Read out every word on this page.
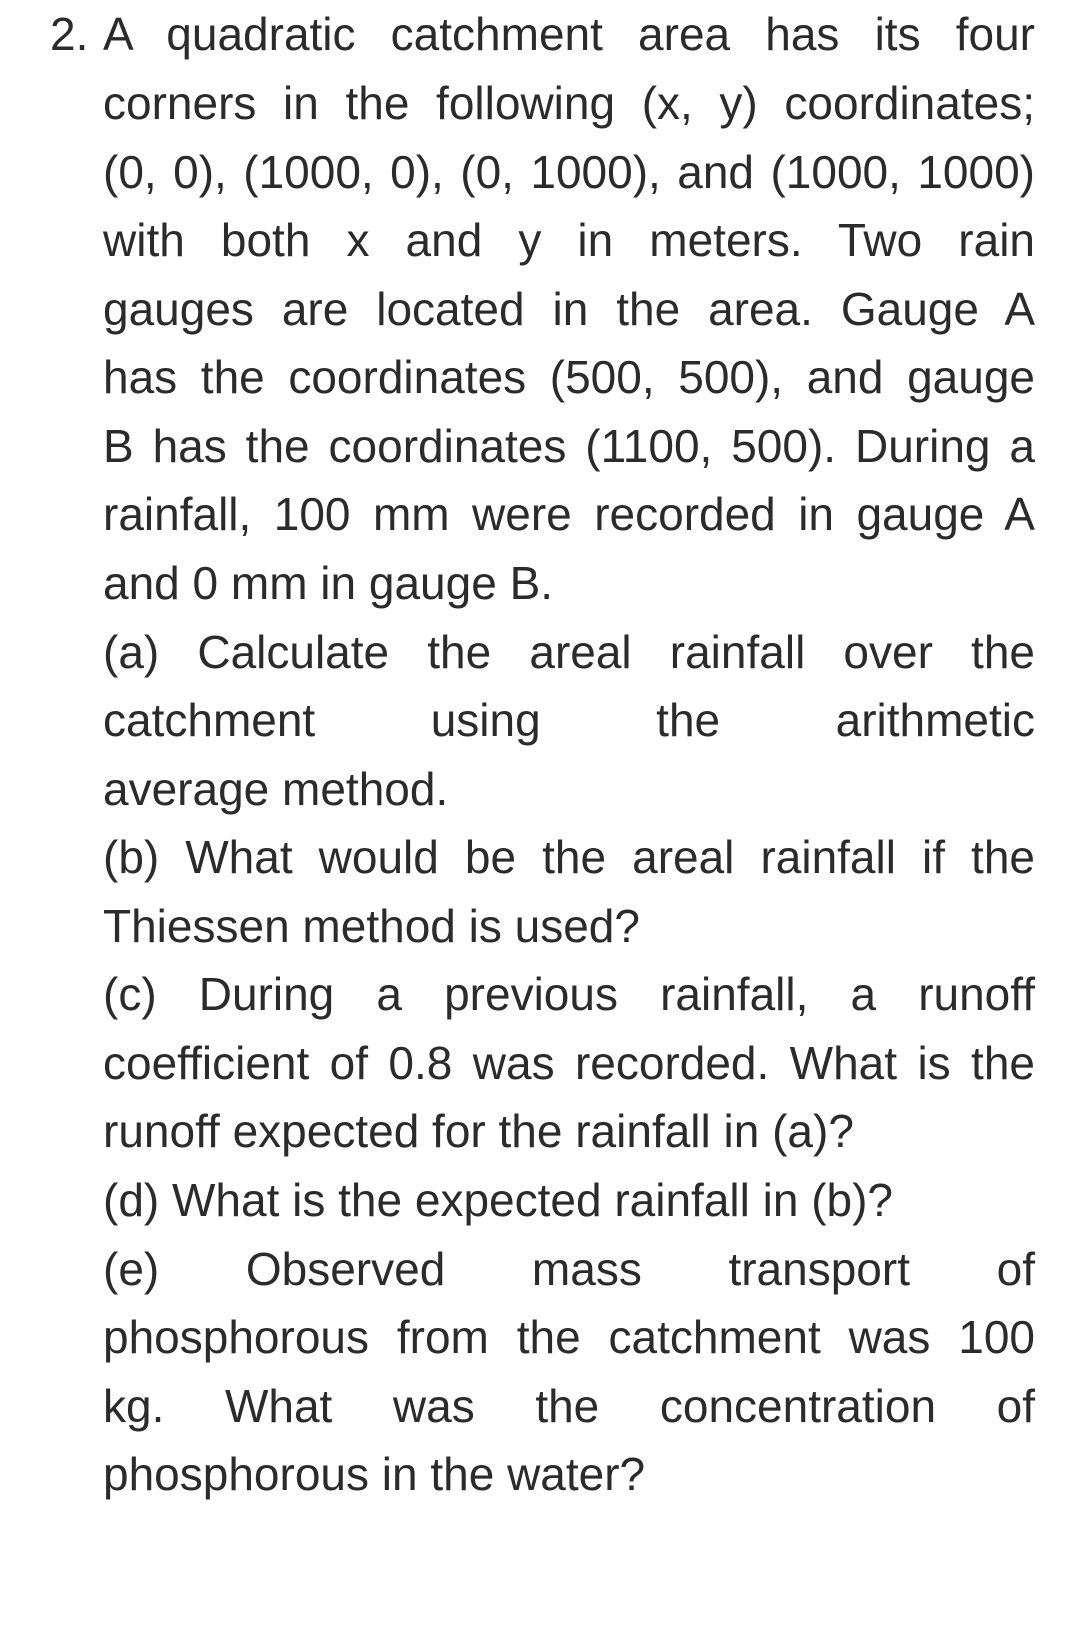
2. A quadratic catchment area has its four
corners in the following (x, y) coordinates;
(0, 0), (1000, 0), (0, 1000), and (1000, 1000)
with both x and y in meters. Two rain
gauges are located in the area. Gauge A
has the coordinates (500, 500), and gauge
B has the coordinates (1100, 500). During a
rainfall, 100 mm were recorded in gauge A
and 0 mm in gauge B.
(a) Calculate the areal rainfall over the
catchment using the arithmetic
average method.
(b) What would be the areal rainfall if the
Thiessen method is used?
(c) During a previous rainfall, a runoff
coefficient of 0.8 was recorded. What is the
runoff expected for the rainfall in (a)?
(d) What is the expected rainfall in (b)?
(e) Observed mass transport of
phosphorous from the catchment was 100
kg. What was the concentration of
phosphorous in the water?
